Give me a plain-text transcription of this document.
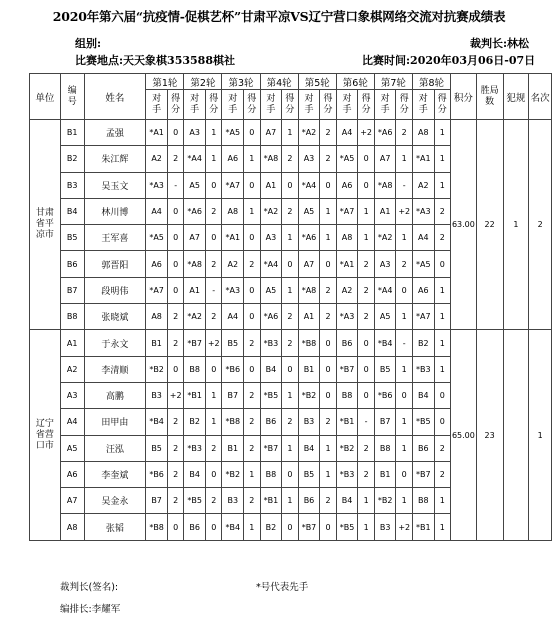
2020年第六届“抗疫情-促棋艺杯”甘肃平凉VS辽宁营口象棋网络交流对抗赛成绩表
组别:	裁判长:林松
比赛地点:天天象棋353588棋社	比赛时间:2020年03月06日-07日
单位	编号	姓名	第1轮		第2轮		第3轮		第4轮		第5轮		第6轮		第7轮		第8轮		积分	胜局数	犯规	名次
			对手	得分	对手	得分	对手	得分	对手	得分	对手	得分	对手	得分	对手	得分	对手	得分				
甘肃省平凉市	B1	孟强	*A1	0	A3	1	*A5	0	A7	1	*A2	2	A4	+2	*A6	2	A8	1	63.00	22	1	2
	B2	朱江辉	A2	2	*A4	1	A6	1	*A8	2	A3	2	*A5	0	A7	1	*A1	1				
	B3	吴玉文	*A3	-	A5	0	*A7	0	A1	0	*A4	0	A6	0	*A8	-	A2	1				
	B4	林川博	A4	0	*A6	2	A8	1	*A2	2	A5	1	*A7	1	A1	+2	*A3	2				
	B5	王军喜	*A5	0	A7	0	*A1	0	A3	1	*A6	1	A8	1	*A2	1	A4	2				
	B6	郭晋阳	A6	0	*A8	2	A2	2	*A4	0	A7	0	*A1	2	A3	2	*A5	0				
	B7	段明伟	*A7	0	A1	-	*A3	0	A5	1	*A8	2	A2	2	*A4	0	A6	1				
	B8	张晓斌	A8	2	*A2	2	A4	0	*A6	2	A1	2	*A3	2	A5	1	*A7	1				
辽宁省营口市	A1	于永文	B1	2	*B7	+2	B5	2	*B3	2	*B8	0	B6	0	*B4	-	B2	1	65.00	23		1
	A2	李清顺	*B2	0	B8	0	*B6	0	B4	0	B1	0	*B7	0	B5	1	*B3	1				
	A3	高鹏	B3	+2	*B1	1	B7	2	*B5	1	*B2	0	B8	0	*B6	0	B4	0				
	A4	田甲由	*B4	2	B2	1	*B8	2	B6	2	B3	2	*B1	-	B7	1	*B5	0				
	A5	汪泓	B5	2	*B3	2	B1	2	*B7	1	B4	1	*B2	2	B8	1	B6	2				
	A6	李奎斌	*B6	2	B4	0	*B2	1	B8	0	B5	1	*B3	2	B1	0	*B7	2				
	A7	吴金永	B7	2	*B5	2	B3	2	*B1	1	B6	2	B4	1	*B2	1	B8	1				
	A8	张韬	*B8	0	B6	0	*B4	1	B2	0	*B7	0	*B5	1	B3	+2	*B1	1				
裁判长(签名):	*号代表先手
编排长:李耀军
